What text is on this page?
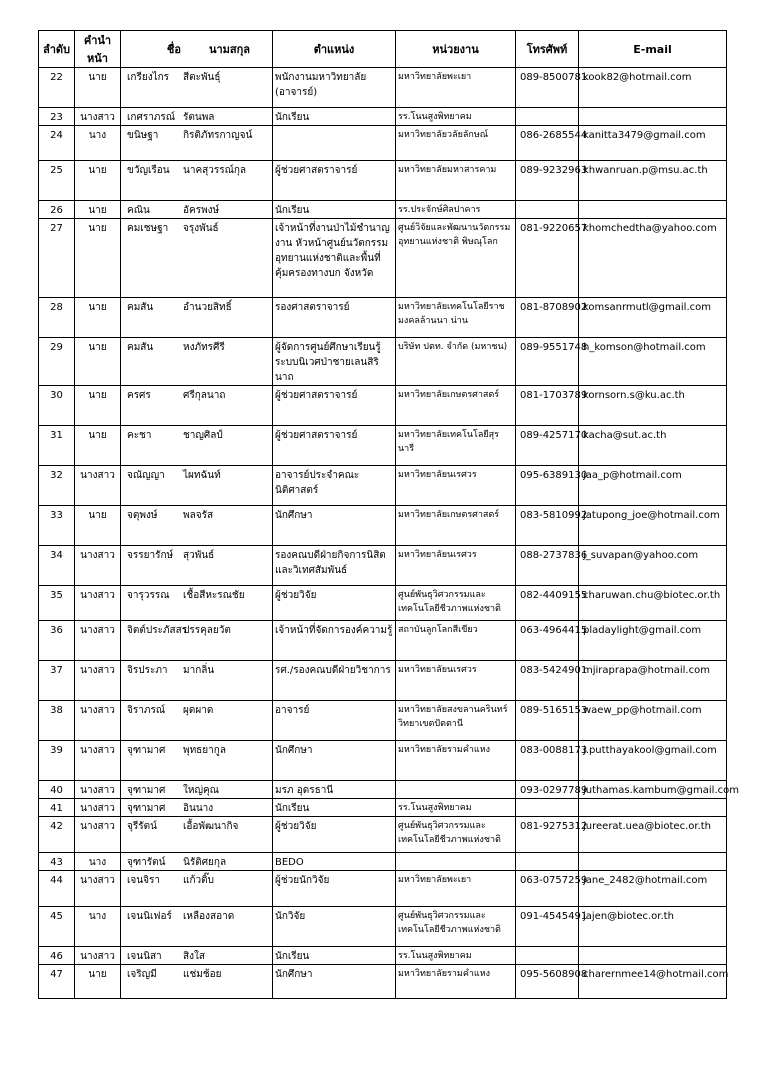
ลำดับ	คำนำหน้า	ชื่อ นามสกุล	ตำแหน่ง	หน่วยงาน	โทรศัพท์	E-mail
22	นาย	เกรียงไกร สีตะพันธุ์	พนักงานมหาวิทยาลัย (อาจารย์)	มหาวิทยาลัยพะเยา	089-8500781	kook82@hotmail.com
23	นางสาว	เกศราภรณ์ รัตนพล	นักเรียน	รร.โนนสูงพิทยาคม		
24	นาง	ขนิษฐา กิรติภัทรกาญจน์		มหาวิทยาลัยวลัยลักษณ์	086-2685544	kanitta3479@gmail.com
25	นาย	ขวัญเรือน นาคสุวรรณ์กุล	ผู้ช่วยศาสตราจารย์	มหาวิทยาลัยมหาสารคาม	089-9232963	khwanruan.p@msu.ac.th
26	นาย	คณิน อัครพงษ์	นักเรียน	รร.ประจักษ์ศิลปาคาร		
27	นาย	คมเชษฐา จรุงพันธ์	เจ้าหน้าที่งานป่าไม้ชำนาญงาน หัวหน้าศูนย์นวัตกรรมอุทยานแห่งชาติและพื้นที่คุ้มครองทางบก จังหวัด	ศูนย์วิจัยและพัฒนานวัตกรรมอุทยานแห่งชาติ พิษณุโลก	081-9220657	khomchedtha@yahoo.com
28	นาย	คมสัน อำนวยสิทธิ์	รองศาสตราจารย์	มหาวิทยาลัยเทคโนโลยีราชมงคลล้านนา น่าน	081-8708902	komsanrmutl@gmail.com
29	นาย	คมสัน หงภัทรศีรี	ผู้จัดการศูนย์ศึกษาเรียนรู้ระบบนิเวศป่าชายเลนสิรินาถ	บริษัท ปตท. จำกัด (มหาชน)	089-9551748	h_komson@hotmail.com
30	นาย	ครศร ศรีกุลนาถ	ผู้ช่วยศาสตราจารย์	มหาวิทยาลัยเกษตรศาสตร์	081-1703789	kornsorn.s@ku.ac.th
31	นาย	คะชา ชาญศิลป์	ผู้ช่วยศาสตราจารย์	มหาวิทยาลัยเทคโนโลยีสุรนารี	089-4257170	kacha@sut.ac.th
32	นางสาว	จณัญญา ไผทฉันท์	อาจารย์ประจำคณะนิติศาสตร์	มหาวิทยาลัยนเรศวร	095-6389130	jaa_p@hotmail.com
33	นาย	จตุพงษ์ พลจรัส	นักศึกษา	มหาวิทยาลัยเกษตรศาสตร์	083-5810992	jatupong_joe@hotmail.com
34	นางสาว	จรรยารักษ์ สุวพันธ์	รองคณบดีฝ่ายกิจการนิสิตและวิเทศสัมพันธ์	มหาวิทยาลัยนเรศวร	088-2737836	j_suvapan@yahoo.com
35	นางสาว	จารุวรรณ เชื้อสีหะรณชัย	ผู้ช่วยวิจัย	ศูนย์พันธุวิศวกรรมและเทคโนโลยีชีวภาพแห่งชาติ	082-4409155	charuwan.chu@biotec.or.th
36	นางสาว	จิตต์ประภัสสรปรรคุลยวัต	เจ้าหน้าที่จัดการองค์ความรู้	สถาบันลูกโลกสีเขียว	063-4964415	pladaylight@gmail.com
37	นางสาว	จิรประภา มากลิ่น	รศ./รองคณบดีฝ่ายวิชาการ	มหาวิทยาลัยนเรศวร	083-5424901	mjiraprapa@hotmail.com
38	นางสาว	จิราภรณ์ ผุดผาด	อาจารย์	มหาวิทยาลัยสงขลานครินทร์ วิทยาเขตปัตตานี	089-5165153	waew_pp@hotmail.com
39	นางสาว	จุฑามาศ พุทธยากูล	นักศึกษา	มหาวิทยาลัยรามคำแหง	083-0088173	j.putthayakool@gmail.com
40	นางสาว	จุฑามาศ ใหญ่คุณ	มรภ อุดรธานี		093-0297789	juthamas.kambum@gmail.com
41	นางสาว	จุฑามาศ อินนาง	นักเรียน	รร.โนนสูงพิทยาคม		
42	นางสาว	จุรีรัตน์ เอื้อพัฒนากิจ	ผู้ช่วยวิจัย	ศูนย์พันธุวิศวกรรมและเทคโนโลยีชีวภาพแห่งชาติ	081-9275312	jureerat.uea@biotec.or.th
43	นาง	จุฑารัตน์ นิรัติศยกุล	BEDO			
44	นางสาว	เจนจิรา แก้วติ๊บ	ผู้ช่วยนักวิจัย	มหาวิทยาลัยพะเยา	063-0757259	jane_2482@hotmail.com
45	นาง	เจนนิเฟอร์ เหลืองสอาด	นักวิจัย	ศูนย์พันธุวิศวกรรมและเทคโนโลยีชีวภาพแห่งชาติ	091-4545491	jajen@biotec.or.th
46	นางสาว	เจนนิสา สิงใส	นักเรียน	รร.โนนสูงพิทยาคม		
47	นาย	เจริญมี แช่มช้อย	นักศึกษา	มหาวิทยาลัยรามคำแหง	095-5608908	charernmee14@hotmail.com
